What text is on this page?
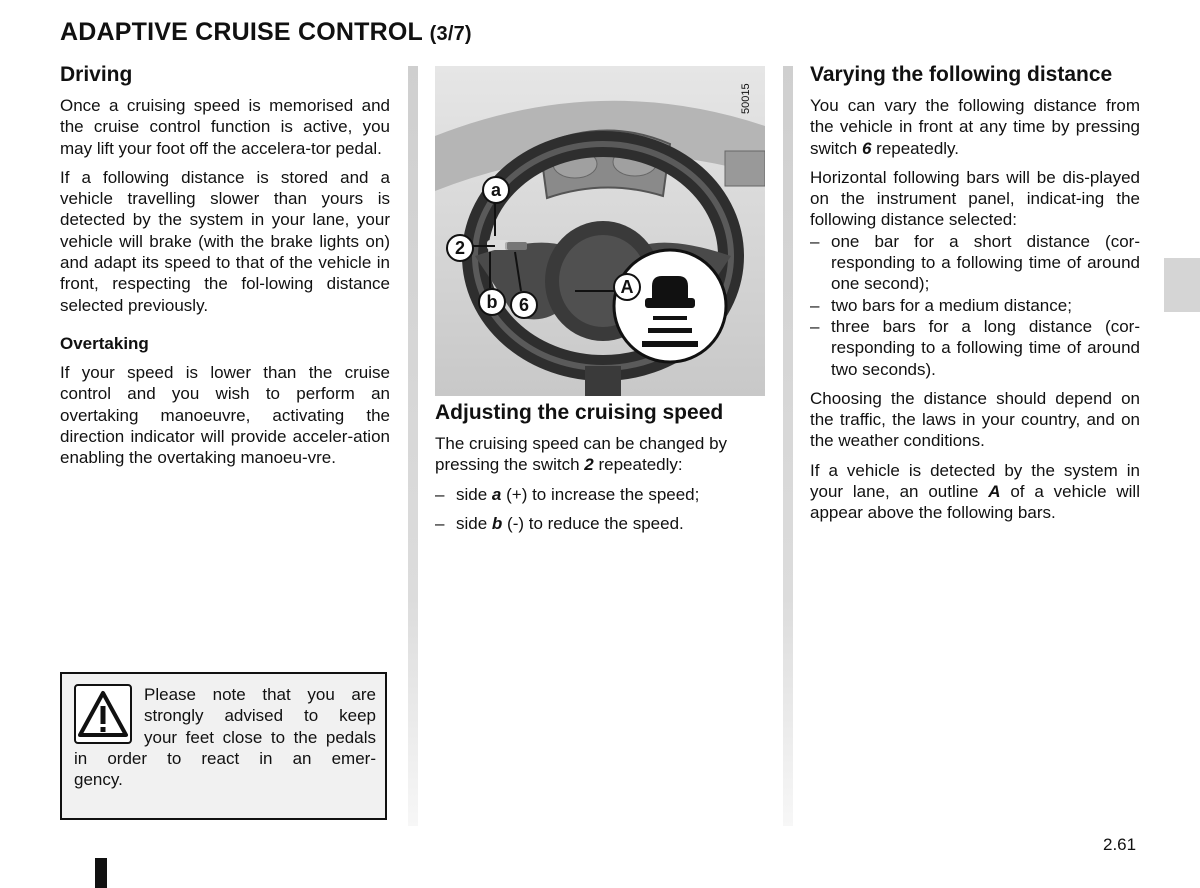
ADAPTIVE CRUISE CONTROL (3/7)
Driving
Once a cruising speed is memorised and the cruise control function is active, you may lift your foot off the accelera-tor pedal.
If a following distance is stored and a vehicle travelling slower than yours is detected by the system in your lane, your vehicle will brake (with the brake lights on) and adapt its speed to that of the vehicle in front, respecting the fol-lowing distance selected previously.
Overtaking
If your speed is lower than the cruise control and you wish to perform an overtaking manoeuvre, activating the direction indicator will provide acceler-ation enabling the overtaking manoeu-vre.
Please note that you are
strongly advised to keep
your feet close to the pedals
in order to react in an emer-
gency.
50015
a
2
b	6
A
Adjusting the cruising speed
The cruising speed can be changed by pressing the switch 2 repeatedly:
– side a (+) to increase the speed;
– side b (-) to reduce the speed.
Varying the following distance
You can vary the following distance from the vehicle in front at any time by pressing switch 6 repeatedly.
Horizontal following bars will be dis-played on the instrument panel, indicat-ing the following distance selected:
– one bar for a short distance (cor-responding to a following time of around one second);
– two bars for a medium distance;
– three bars for a long distance (cor-responding to a following time of around two seconds).
Choosing the distance should depend on the traffic, the laws in your country, and on the weather conditions.
If a vehicle is detected by the system in your lane, an outline A of a vehicle will appear above the following bars.
2.61
